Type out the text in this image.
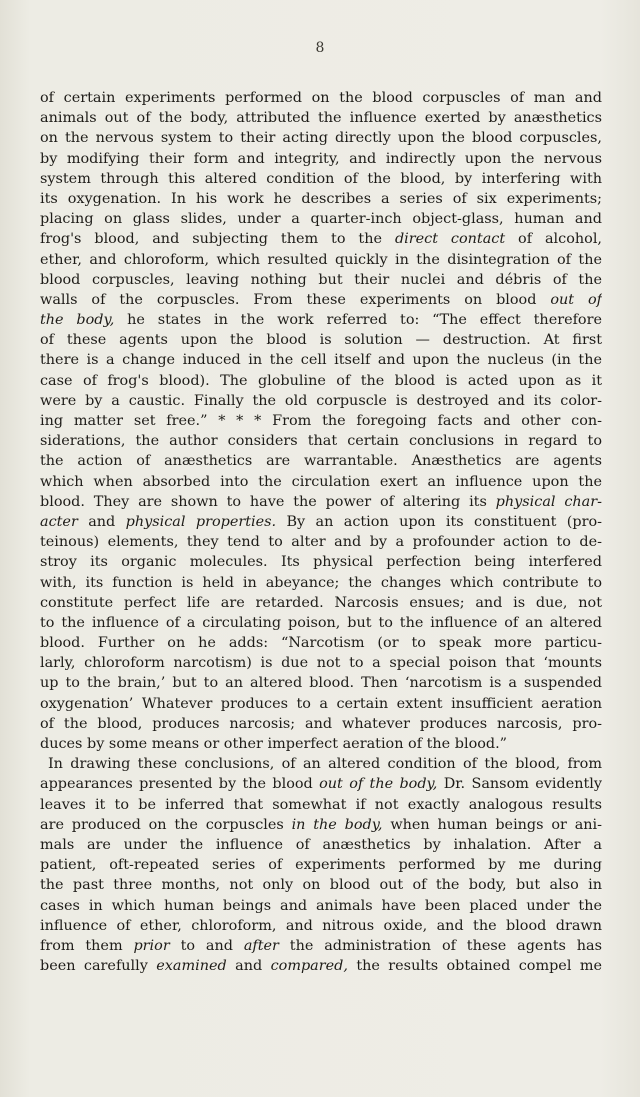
8
of certain experiments performed on the blood corpuscles of man and
animals out of the body, attributed the influence exerted by anæsthetics
on the nervous system to their acting directly upon the blood corpuscles,
by modifying their form and integrity, and indirectly upon the nervous
system through this altered condition of the blood, by interfering with
its oxygenation. In his work he describes a series of six experiments;
placing on glass slides, under a quarter-inch object-glass, human and
frog's blood, and subjecting them to the direct contact of alcohol,
ether, and chloroform, which resulted quickly in the disintegration of the
blood corpuscles, leaving nothing but their nuclei and débris of the
walls of the corpuscles. From these experiments on blood out of
the body, he states in the work referred to: “The effect therefore
of these agents upon the blood is solution — destruction. At first
there is a change induced in the cell itself and upon the nucleus (in the
case of frog's blood). The globuline of the blood is acted upon as it
were by a caustic. Finally the old corpuscle is destroyed and its color-
ing matter set free.” * * * From the foregoing facts and other con-
siderations, the author considers that certain conclusions in regard to
the action of anæsthetics are warrantable. Anæsthetics are agents
which when absorbed into the circulation exert an influence upon the
blood. They are shown to have the power of altering its physical char-
acter and physical properties. By an action upon its constituent (pro-
teinous) elements, they tend to alter and by a profounder action to de-
stroy its organic molecules. Its physical perfection being interfered
with, its function is held in abeyance; the changes which contribute to
constitute perfect life are retarded. Narcosis ensues; and is due, not
to the influence of a circulating poison, but to the influence of an altered
blood. Further on he adds: “Narcotism (or to speak more particu-
larly, chloroform narcotism) is due not to a special poison that ‘mounts
up to the brain,’ but to an altered blood. Then ‘narcotism is a suspended
oxygenation’ Whatever produces to a certain extent insufficient aeration
of the blood, produces narcosis; and whatever produces narcosis, pro-
duces by some means or other imperfect aeration of the blood.”
In drawing these conclusions, of an altered condition of the blood, from
appearances presented by the blood out of the body, Dr. Sansom evidently
leaves it to be inferred that somewhat if not exactly analogous results
are produced on the corpuscles in the body, when human beings or ani-
mals are under the influence of anæsthetics by inhalation. After a
patient, oft-repeated series of experiments performed by me during
the past three months, not only on blood out of the body, but also in
cases in which human beings and animals have been placed under the
influence of ether, chloroform, and nitrous oxide, and the blood drawn
from them prior to and after the administration of these agents has
been carefully examined and compared, the results obtained compel me
